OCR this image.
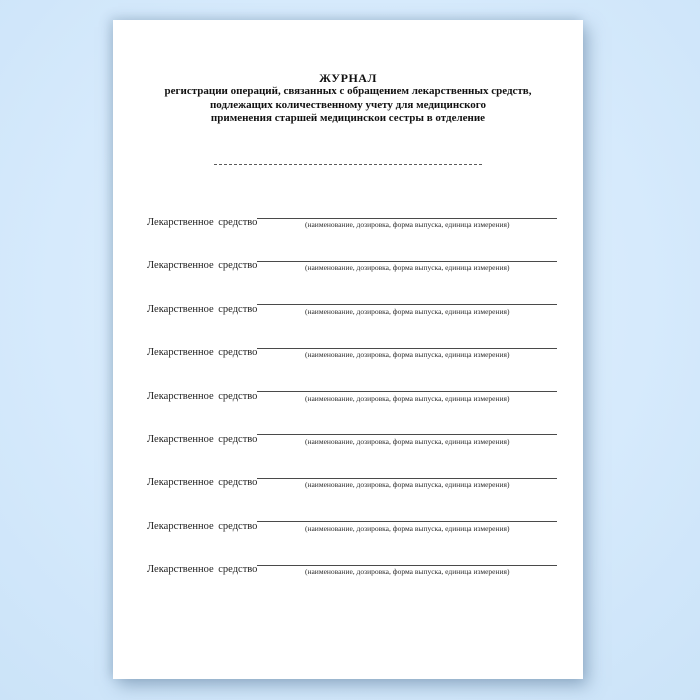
ЖУРНАЛ
регистрации операций, связанных с обращением лекарственных средств,
подлежащих количественному учету для медицинского
применения старшей медицинскои сестры в отделение
Лекарственное средство	(наименование, дозировка, форма выпуска, единица измерения)
Лекарственное средство	(наименование, дозировка, форма выпуска, единица измерения)
Лекарственное средство	(наименование, дозировка, форма выпуска, единица измерения)
Лекарственное средство	(наименование, дозировка, форма выпуска, единица измерения)
Лекарственное средство	(наименование, дозировка, форма выпуска, единица измерения)
Лекарственное средство	(наименование, дозировка, форма выпуска, единица измерения)
Лекарственное средство	(наименование, дозировка, форма выпуска, единица измерения)
Лекарственное средство	(наименование, дозировка, форма выпуска, единица измерения)
Лекарственное средство	(наименование, дозировка, форма выпуска, единица измерения)
